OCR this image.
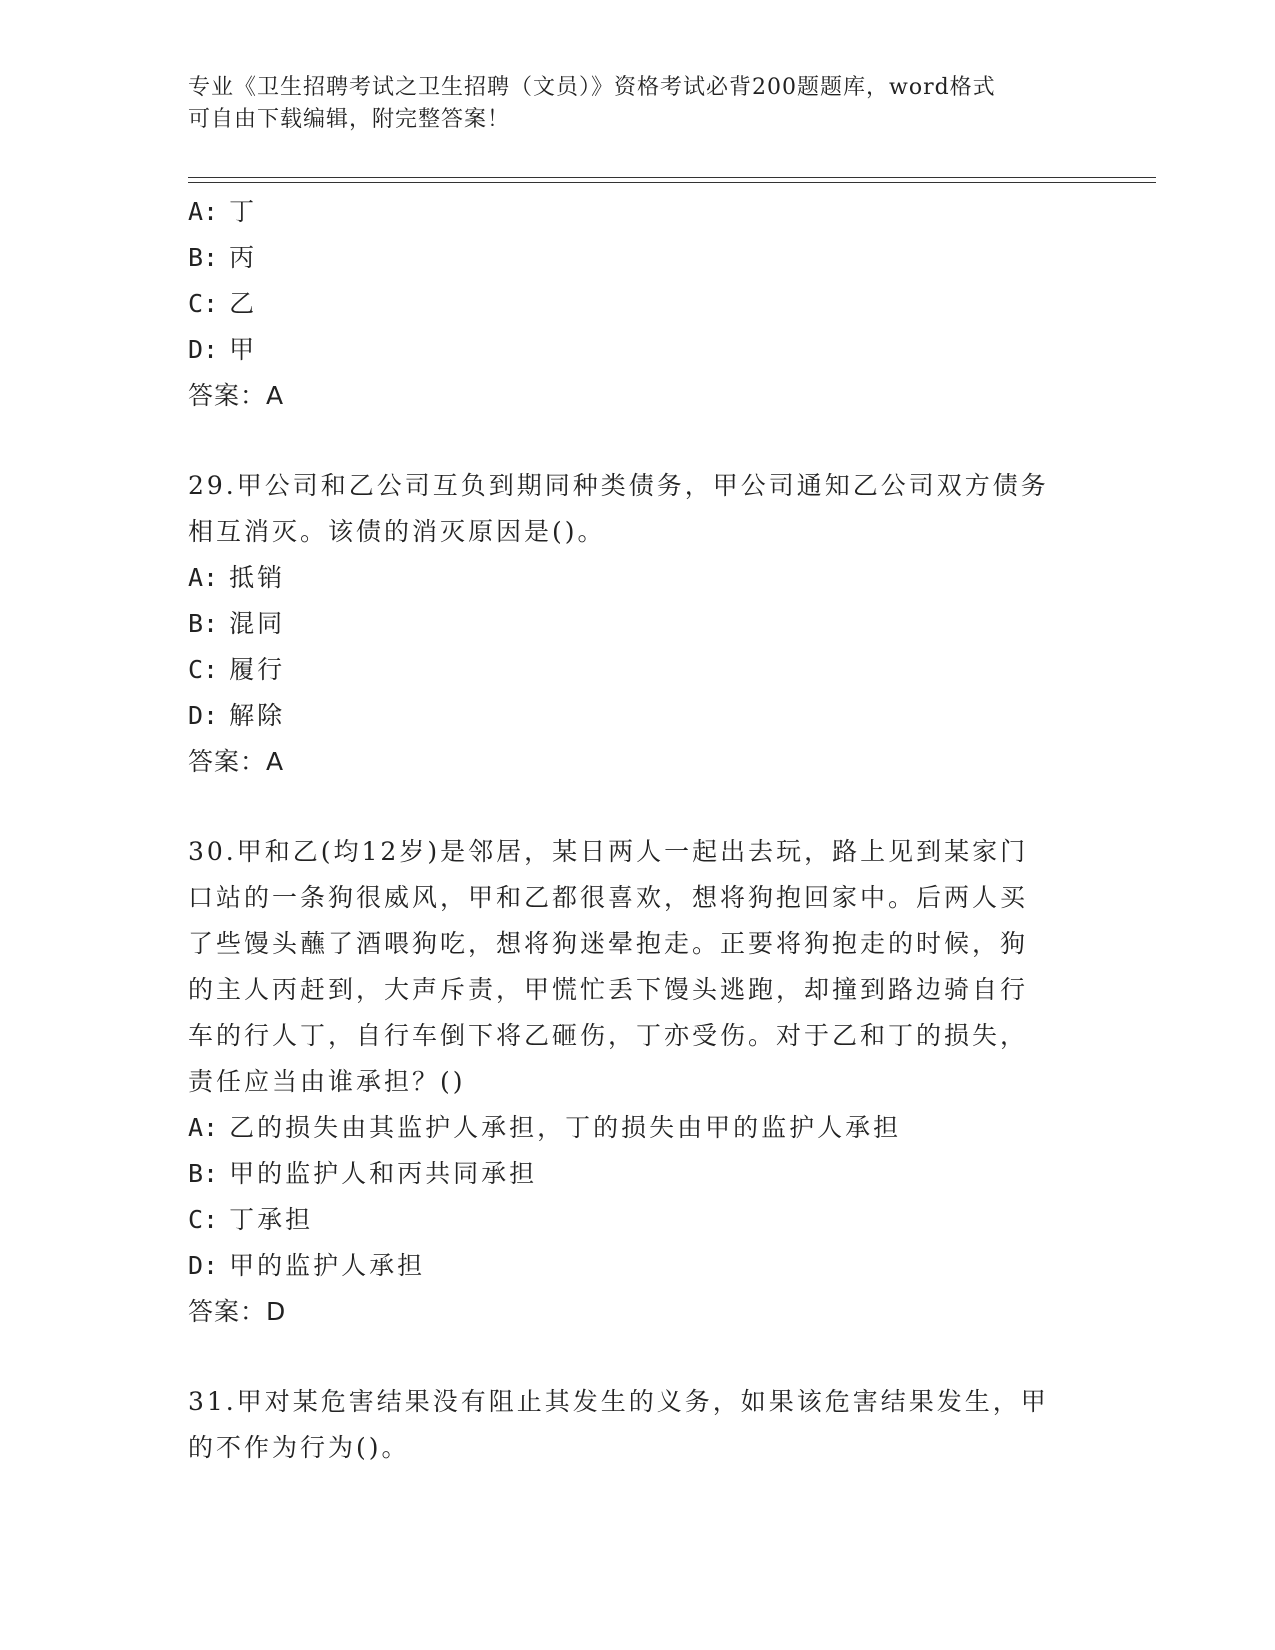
专业《卫生招聘考试之卫生招聘（文员）》资格考试必背200题题库，word格式
可自由下载编辑，附完整答案！
A: 丁
B: 丙
C: 乙
D: 甲
答案：A
29.甲公司和乙公司互负到期同种类债务，甲公司通知乙公司双方债务
相互消灭。该债的消灭原因是()。
A: 抵销
B: 混同
C: 履行
D: 解除
答案：A
30.甲和乙(均12岁)是邻居，某日两人一起出去玩，路上见到某家门
口站的一条狗很威风，甲和乙都很喜欢，想将狗抱回家中。后两人买
了些馒头蘸了酒喂狗吃，想将狗迷晕抱走。正要将狗抱走的时候，狗
的主人丙赶到，大声斥责，甲慌忙丢下馒头逃跑，却撞到路边骑自行
车的行人丁，自行车倒下将乙砸伤，丁亦受伤。对于乙和丁的损失，
责任应当由谁承担？()
A: 乙的损失由其监护人承担，丁的损失由甲的监护人承担
B: 甲的监护人和丙共同承担
C: 丁承担
D: 甲的监护人承担
答案：D
31.甲对某危害结果没有阻止其发生的义务，如果该危害结果发生，甲
的不作为行为()。
